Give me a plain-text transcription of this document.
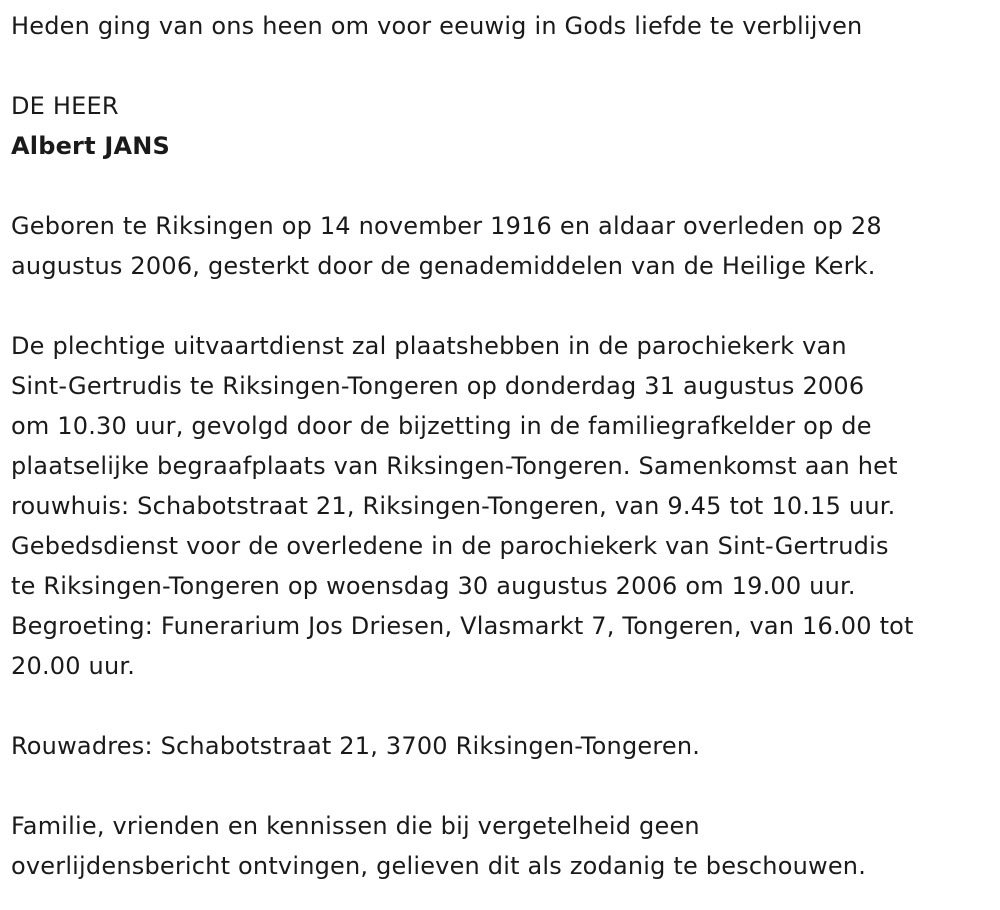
Heden ging van ons heen om voor eeuwig in Gods liefde te verblijven

DE HEER

Albert JANS

Geboren te Riksingen op 14 november 1916 en aldaar overleden op 28

augustus 2006, gesterkt door de genademiddelen van de Heilige Kerk.

De plechtige uitvaartdienst zal plaatshebben in de parochiekerk van

Sint-Gertrudis te Riksingen-Tongeren op donderdag 31 augustus 2006

om 10.30 uur, gevolgd door de bijzetting in de familiegrafkelder op de

plaatselijke begraafplaats van Riksingen-Tongeren. Samenkomst aan het

rouwhuis: Schabotstraat 21, Riksingen-Tongeren, van 9.45 tot 10.15 uur.

Gebedsdienst voor de overledene in de parochiekerk van Sint-Gertrudis

te Riksingen-Tongeren op woensdag 30 augustus 2006 om 19.00 uur.

Begroeting: Funerarium Jos Driesen, Vlasmarkt 7, Tongeren, van 16.00 tot

20.00 uur.

Rouwadres: Schabotstraat 21, 3700 Riksingen-Tongeren.

Familie, vrienden en kennissen die bij vergetelheid geen

overlijdensbericht ontvingen, gelieven dit als zodanig te beschouwen.
